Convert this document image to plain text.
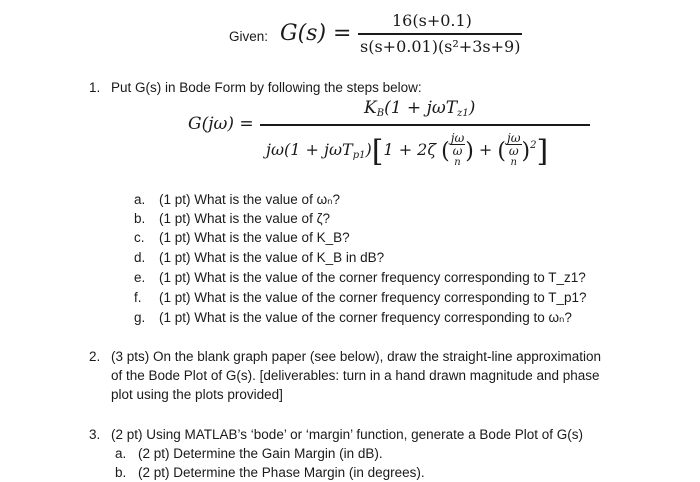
Given: G(s) =
16(s+0.1)
s(s+0.01)(s²+3s+9)
1. Put G(s) in Bode Form by following the steps below:
G(jω) =
$K_B(1 + j\omega T_{z1})$
jω(1 + jωT$_{p1}$)[1 + 2ζ ( jω
ω
n ) + ( jω
ω
n )$^2$]
a. (1 pt) What is the value of ωₙ?
b. (1 pt) What is the value of ζ?
c. (1 pt) What is the value of K_B?
d. (1 pt) What is the value of K_B in dB?
e. (1 pt) What is the value of the corner frequency corresponding to T_z1?
f. (1 pt) What is the value of the corner frequency corresponding to T_p1?
g. (1 pt) What is the value of the corner frequency corresponding to ωₙ?
2. (3 pts) On the blank graph paper (see below), draw the straight-line approximation
of the Bode Plot of G(s). [deliverables: turn in a hand drawn magnitude and phase
plot using the plots provided]
3. (2 pt) Using MATLAB’s ‘bode’ or ‘margin’ function, generate a Bode Plot of G(s)
a. (2 pt) Determine the Gain Margin (in dB).
b. (2 pt) Determine the Phase Margin (in degrees).
